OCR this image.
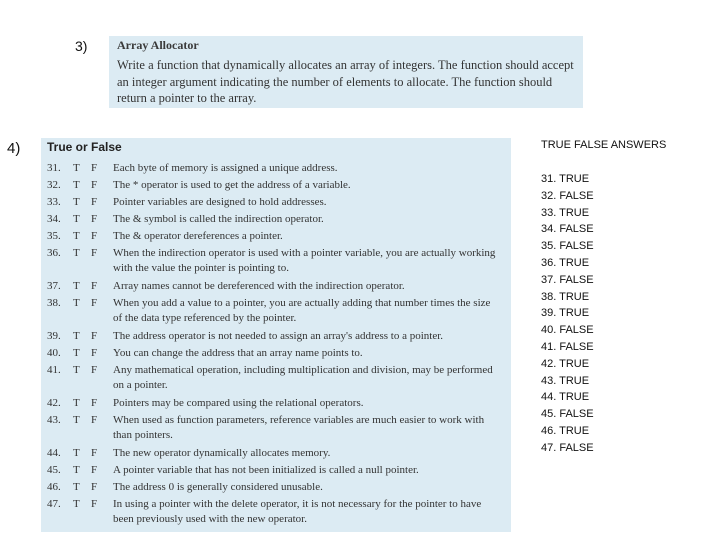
3) Array Allocator
Write a function that dynamically allocates an array of integers. The function should accept an integer argument indicating the number of elements to allocate. The function should return a pointer to the array.
4) True or False
31.	T F Each byte of memory is assigned a unique address.
32.	T F The * operator is used to get the address of a variable.
33.	T F Pointer variables are designed to hold addresses.
34.	T F The & symbol is called the indirection operator.
35.	T F The & operator dereferences a pointer.
36.	T F When the indirection operator is used with a pointer variable, you are actually working with the value the pointer is pointing to.
37.	T F Array names cannot be dereferenced with the indirection operator.
38.	T F When you add a value to a pointer, you are actually adding that number times the size of the data type referenced by the pointer.
39.	T F The address operator is not needed to assign an array's address to a pointer.
40.	T F You can change the address that an array name points to.
41.	T F Any mathematical operation, including multiplication and division, may be performed on a pointer.
42.	T F Pointers may be compared using the relational operators.
43.	T F When used as function parameters, reference variables are much easier to work with than pointers.
44.	T F The new operator dynamically allocates memory.
45.	T F A pointer variable that has not been initialized is called a null pointer.
46.	T F The address 0 is generally considered unusable.
47.	T F In using a pointer with the delete operator, it is not necessary for the pointer to have been previously used with the new operator.
TRUE FALSE ANSWERS
31. TRUE
32. FALSE
33. TRUE
34. FALSE
35. FALSE
36. TRUE
37. FALSE
38. TRUE
39. TRUE
40. FALSE
41. FALSE
42. TRUE
43. TRUE
44. TRUE
45. FALSE
46. TRUE
47. FALSE
